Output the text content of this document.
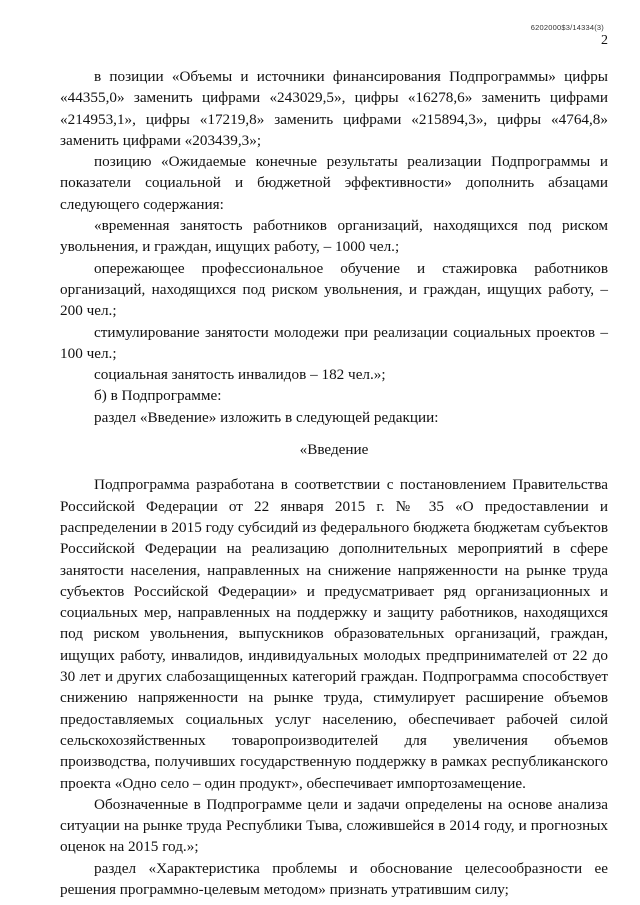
6202000$3/14334(3)
2

в позиции «Объемы и источники финансирования Подпрограммы» цифры «44355,0» заменить цифрами «243029,5», цифры «16278,6» заменить цифрами «214953,1», цифры «17219,8» заменить цифрами «215894,3», цифры «4764,8» заменить цифрами «203439,3»;

позицию «Ожидаемые конечные результаты реализации Подпрограммы и показатели социальной и бюджетной эффективности» дополнить абзацами следующего содержания:

«временная занятость работников организаций, находящихся под риском увольнения, и граждан, ищущих работу, – 1000 чел.;

опережающее профессиональное обучение и стажировка работников организаций, находящихся под риском увольнения, и граждан, ищущих работу, – 200 чел.;

стимулирование занятости молодежи при реализации социальных проектов – 100 чел.;

социальная занятость инвалидов – 182 чел.»;

б) в Подпрограмме:

раздел «Введение» изложить в следующей редакции:

«Введение

Подпрограмма разработана в соответствии с постановлением Правительства Российской Федерации от 22 января 2015 г. № 35 «О предоставлении и распределении в 2015 году субсидий из федерального бюджета бюджетам субъектов Российской Федерации на реализацию дополнительных мероприятий в сфере занятости населения, направленных на снижение напряженности на рынке труда субъектов Российской Федерации» и предусматривает ряд организационных и социальных мер, направленных на поддержку и защиту работников, находящихся под риском увольнения, выпускников образовательных организаций, граждан, ищущих работу, инвалидов, индивидуальных молодых предпринимателей от 22 до 30 лет и других слабозащищенных категорий граждан. Подпрограмма способствует снижению напряженности на рынке труда, стимулирует расширение объемов предоставляемых социальных услуг населению, обеспечивает рабочей силой сельскохозяйственных товаропроизводителей для увеличения объемов производства, получивших государственную поддержку в рамках республиканского проекта «Одно село – один продукт», обеспечивает импортозамещение.

Обозначенные в Подпрограмме цели и задачи определены на основе анализа ситуации на рынке труда Республики Тыва, сложившейся в 2014 году, и прогнозных оценок на 2015 год.»;

раздел «Характеристика проблемы и обоснование целесообразности ее решения программно-целевым методом» признать утратившим силу;
